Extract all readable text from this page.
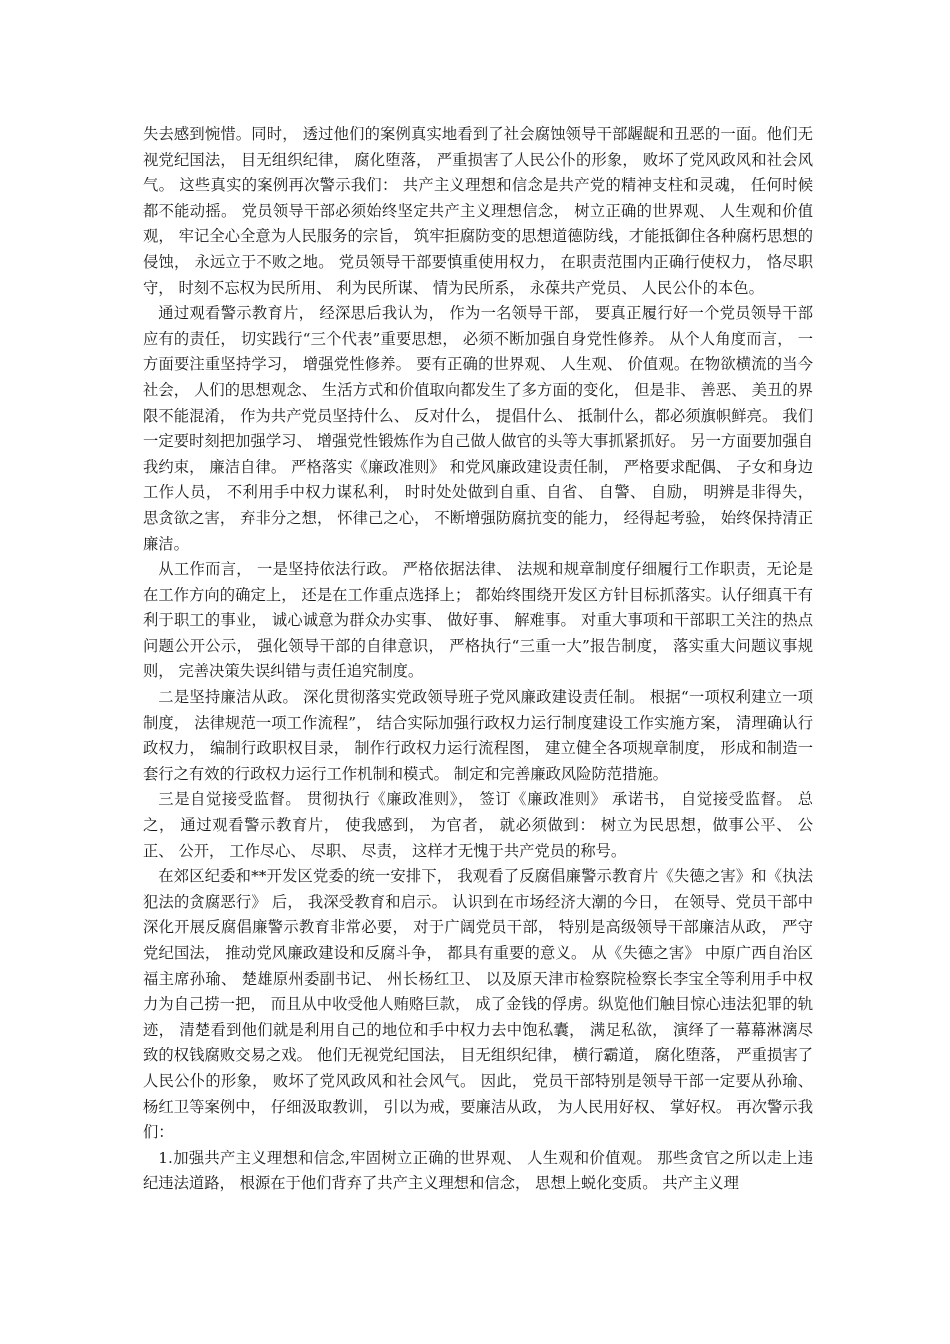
失去感到惋惜。同时， 透过他们的案例真实地看到了社会腐蚀领导干部龌龊和丑恶的一面。他们无视党纪国法， 目无组织纪律， 腐化堕落， 严重损害了人民公仆的形象， 败坏了党风政风和社会风气。 这些真实的案例再次警示我们： 共产主义理想和信念是共产党的精神支柱和灵魂， 任何时候都不能动摇。 党员领导干部必须始终坚定共产主义理想信念， 树立正确的世界观、 人生观和价值观， 牢记全心全意为人民服务的宗旨， 筑牢拒腐防变的思想道德防线，才能抵御住各种腐朽思想的侵蚀， 永远立于不败之地。 党员领导干部要慎重使用权力， 在职责范围内正确行使权力， 恪尽职守， 时刻不忘权为民所用、 利为民所谋、 情为民所系， 永葆共产党员、 人民公仆的本色。

通过观看警示教育片， 经深思后我认为， 作为一名领导干部， 要真正履行好一个党员领导干部应有的责任， 切实践行“三个代表”重要思想， 必须不断加强自身党性修养。 从个人角度而言， 一方面要注重坚持学习， 增强党性修养。 要有正确的世界观、 人生观、 价值观。在物欲横流的当今社会， 人们的思想观念、 生活方式和价值取向都发生了多方面的变化， 但是非、 善恶、 美丑的界限不能混淆， 作为共产党员坚持什么、 反对什么， 提倡什么、 抵制什么，都必须旗帜鲜亮。 我们一定要时刻把加强学习、 增强党性锻炼作为自己做人做官的头等大事抓紧抓好。 另一方面要加强自我约束， 廉洁自律。 严格落实《廉政准则》 和党风廉政建设责任制， 严格要求配偶、 子女和身边工作人员， 不利用手中权力谋私利， 时时处处做到自重、自省、 自警、 自励， 明辨是非得失， 思贪欲之害， 弃非分之想， 怀律己之心， 不断增强防腐抗变的能力， 经得起考验， 始终保持清正廉洁。

从工作而言， 一是坚持依法行政。 严格依据法律、 法规和规章制度仔细履行工作职责，无论是在工作方向的确定上， 还是在工作重点选择上； 都始终围绕开发区方针目标抓落实。认仔细真干有利于职工的事业， 诚心诚意为群众办实事、 做好事、 解难事。 对重大事项和干部职工关注的热点问题公开公示， 强化领导干部的自律意识， 严格执行“三重一大”报告制度， 落实重大问题议事规则， 完善决策失误纠错与责任追究制度。

二是坚持廉洁从政。 深化贯彻落实党政领导班子党风廉政建设责任制。 根据“一项权利建立一项制度， 法律规范一项工作流程”， 结合实际加强行政权力运行制度建设工作实施方案， 清理确认行政权力， 编制行政职权目录， 制作行政权力运行流程图， 建立健全各项规章制度， 形成和制造一套行之有效的行政权力运行工作机制和模式。 制定和完善廉政风险防范措施。

三是自觉接受监督。 贯彻执行《廉政准则》， 签订《廉政准则》 承诺书， 自觉接受监督。 总之， 通过观看警示教育片， 使我感到， 为官者， 就必须做到： 树立为民思想，做事公平、 公正、 公开， 工作尽心、 尽职、 尽责， 这样才无愧于共产党员的称号。

在郊区纪委和**开发区党委的统一安排下， 我观看了反腐倡廉警示教育片《失德之害》和《执法犯法的贪腐恶行》 后， 我深受教育和启示。 认识到在市场经济大潮的今日， 在领导、党员干部中深化开展反腐倡廉警示教育非常必要， 对于广阔党员干部， 特别是高级领导干部廉洁从政， 严守党纪国法， 推动党风廉政建设和反腐斗争， 都具有重要的意义。 从《失德之害》 中原广西自治区福主席孙瑜、 楚雄原州委副书记、 州长杨红卫、 以及原天津市检察院检察长李宝全等利用手中权力为自己捞一把， 而且从中收受他人贿赂巨款， 成了金钱的俘虏。纵览他们触目惊心违法犯罪的轨迹， 清楚看到他们就是利用自己的地位和手中权力去中饱私囊， 满足私欲， 演绎了一幕幕淋漓尽致的权钱腐败交易之戏。 他们无视党纪国法， 目无组织纪律， 横行霸道， 腐化堕落， 严重损害了人民公仆的形象， 败坏了党风政风和社会风气。 因此， 党员干部特别是领导干部一定要从孙瑜、 杨红卫等案例中， 仔细汲取教训， 引以为戒，要廉洁从政， 为人民用好权、 掌好权。 再次警示我们：

1.加强共产主义理想和信念,牢固树立正确的世界观、 人生观和价值观。 那些贪官之所以走上违纪违法道路， 根源在于他们背弃了共产主义理想和信念， 思想上蜕化变质。 共产主义理
